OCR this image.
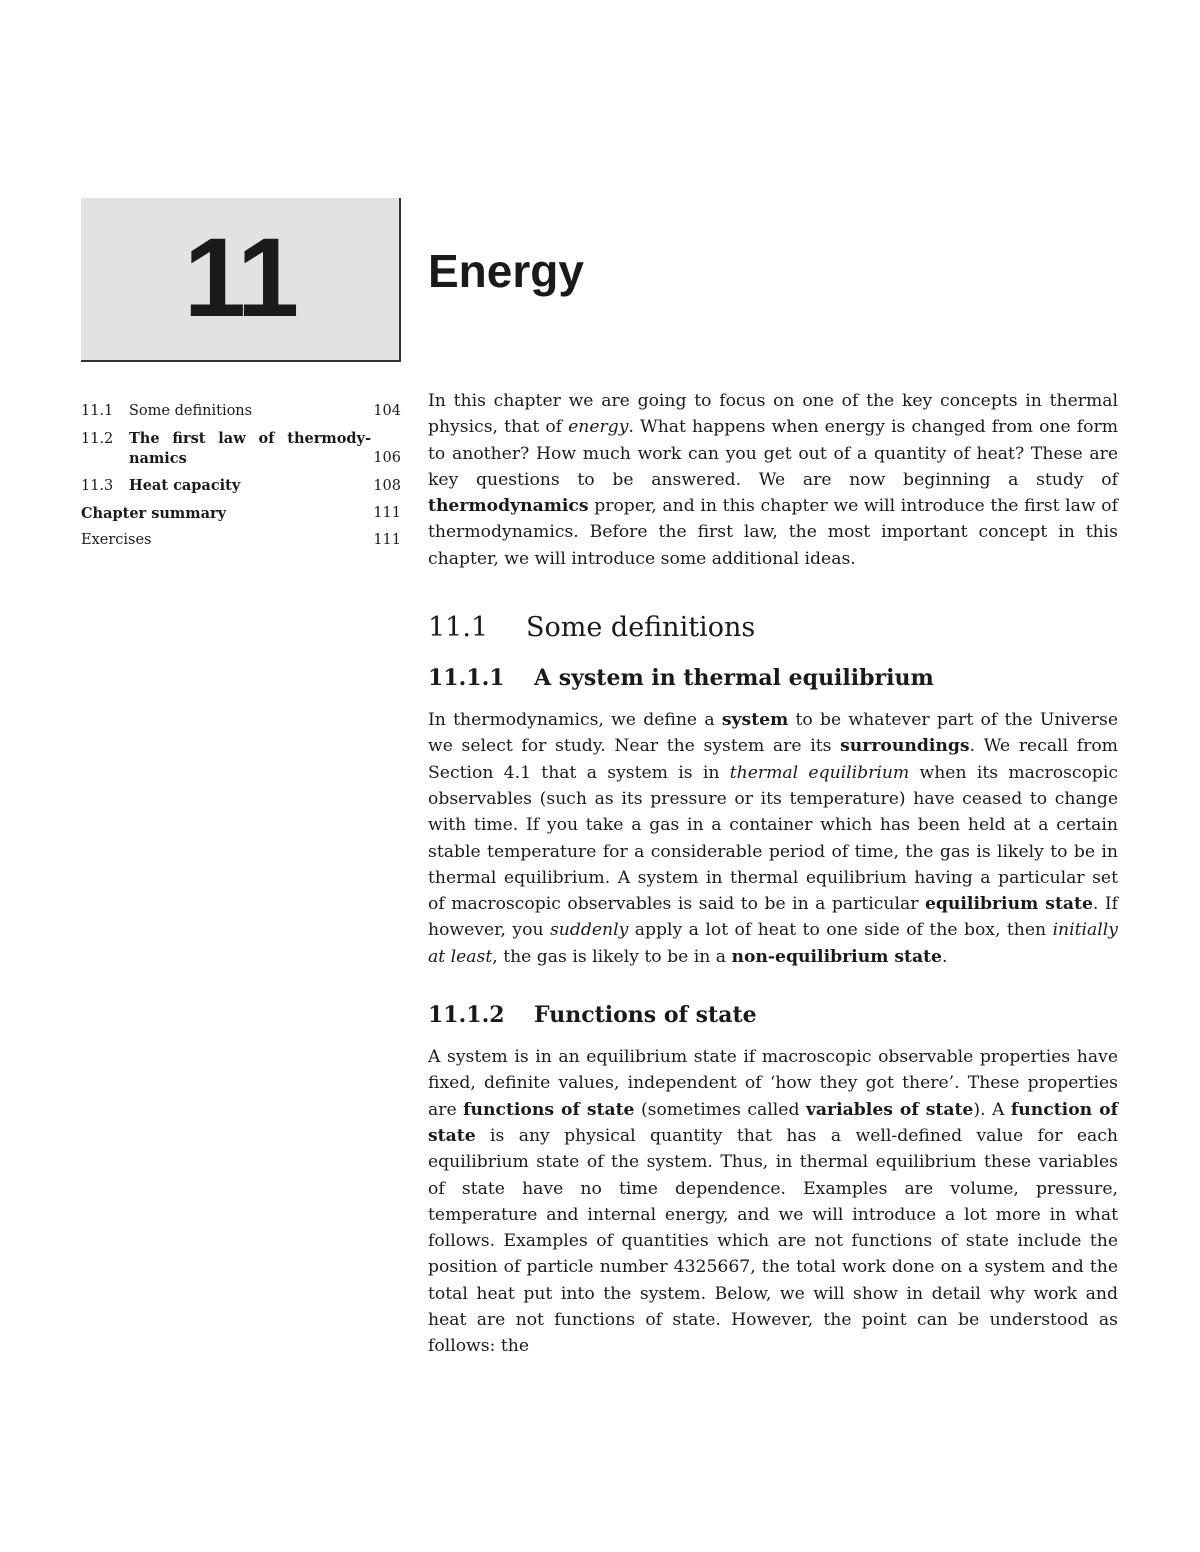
11	Energy
11.1 Some definitions	104
11.2 The first law of thermody- namics	106
11.3 Heat capacity	108
Chapter summary	111
Exercises	111

In this chapter we are going to focus on one of the key concepts in thermal physics, that of energy. What happens when energy is changed from one form to another? How much work can you get out of a quantity of heat? These are key questions to be answered. We are now beginning a study of thermodynamics proper, and in this chapter we will introduce the first law of thermodynamics. Before the first law, the most important concept in this chapter, we will introduce some additional ideas.

11.1 Some definitions
11.1.1 A system in thermal equilibrium

In thermodynamics, we define a system to be whatever part of the Universe we select for study. Near the system are its surroundings. We recall from Section 4.1 that a system is in thermal equilibrium when its macroscopic observables (such as its pressure or its temperature) have ceased to change with time. If you take a gas in a container which has been held at a certain stable temperature for a considerable period of time, the gas is likely to be in thermal equilibrium. A system in thermal equilibrium having a particular set of macroscopic observables is said to be in a particular equilibrium state. If however, you suddenly apply a lot of heat to one side of the box, then initially at least, the gas is likely to be in a non-equilibrium state.

11.1.2 Functions of state

A system is in an equilibrium state if macroscopic observable properties have fixed, definite values, independent of ‘how they got there’. These properties are functions of state (sometimes called variables of state). A function of state is any physical quantity that has a well-defined value for each equilibrium state of the system. Thus, in thermal equilibrium these variables of state have no time dependence. Examples are volume, pressure, temperature and internal energy, and we will introduce a lot more in what follows. Examples of quantities which are not functions of state include the position of particle number 4325667, the total work done on a system and the total heat put into the system. Below, we will show in detail why work and heat are not functions of state. However, the point can be understood as follows: the
